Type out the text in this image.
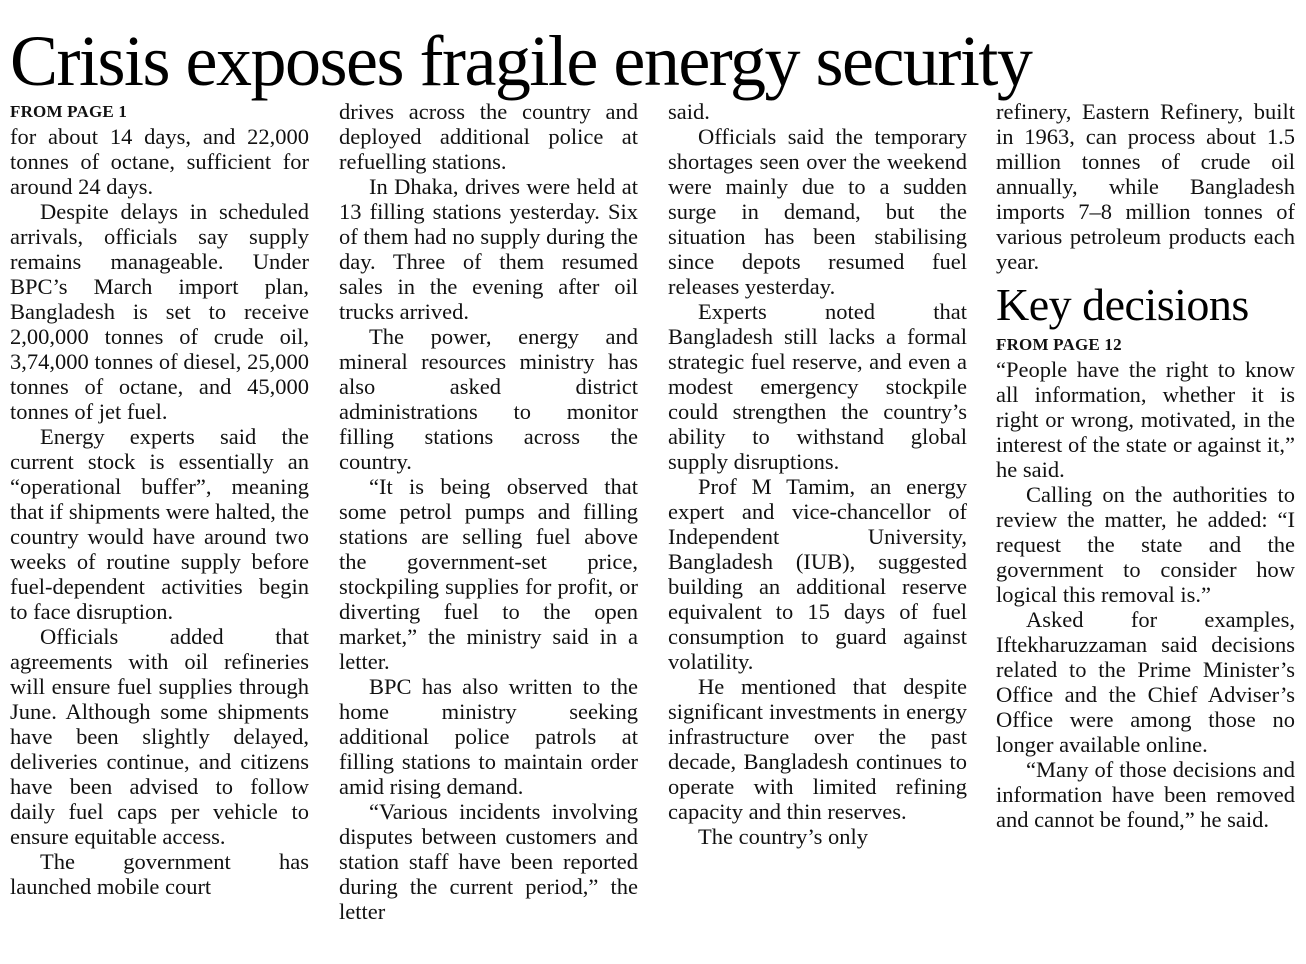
Crisis exposes fragile energy security
FROM PAGE 1

for about 14 days, and 22,000 tonnes of octane, sufficient for around 24 days.

Despite delays in scheduled arrivals, officials say supply remains manageable. Under BPC’s March import plan, Bangladesh is set to receive 2,00,000 tonnes of crude oil, 3,74,000 tonnes of diesel, 25,000 tonnes of octane, and 45,000 tonnes of jet fuel.

Energy experts said the current stock is essentially an “operational buffer”, meaning that if shipments were halted, the country would have around two weeks of routine supply before fuel-dependent activities begin to face disruption.

Officials added that agreements with oil refineries will ensure fuel supplies through June. Although some shipments have been slightly delayed, deliveries continue, and citizens have been advised to follow daily fuel caps per vehicle to ensure equitable access.

The government has launched mobile court

drives across the country and deployed additional police at refuelling stations.

In Dhaka, drives were held at 13 filling stations yesterday. Six of them had no supply during the day. Three of them resumed sales in the evening after oil trucks arrived.

The power, energy and mineral resources ministry has also asked district administrations to monitor filling stations across the country.

“It is being observed that some petrol pumps and filling stations are selling fuel above the government-set price, stockpiling supplies for profit, or diverting fuel to the open market,” the ministry said in a letter.

BPC has also written to the home ministry seeking additional police patrols at filling stations to maintain order amid rising demand.

“Various incidents involving disputes between customers and station staff have been reported during the current period,” the letter

said.

Officials said the temporary shortages seen over the weekend were mainly due to a sudden surge in demand, but the situation has been stabilising since depots resumed fuel releases yesterday.

Experts noted that Bangladesh still lacks a formal strategic fuel reserve, and even a modest emergency stockpile could strengthen the country’s ability to withstand global supply disruptions.

Prof M Tamim, an energy expert and vice-chancellor of Independent University, Bangladesh (IUB), suggested building an additional reserve equivalent to 15 days of fuel consumption to guard against volatility.

He mentioned that despite significant investments in energy infrastructure over the past decade, Bangladesh continues to operate with limited refining capacity and thin reserves.

The country’s only

refinery, Eastern Refinery, built in 1963, can process about 1.5 million tonnes of crude oil annually, while Bangladesh imports 7–8 million tonnes of various petroleum products each year.

Key decisions
FROM PAGE 12

“People have the right to know all information, whether it is right or wrong, motivated, in the interest of the state or against it,” he said.

Calling on the authorities to review the matter, he added: “I request the state and the government to consider how logical this removal is.”

Asked for examples, Iftekharuzzaman said decisions related to the Prime Minister’s Office and the Chief Adviser’s Office were among those no longer available online.

“Many of those decisions and information have been removed and cannot be found,” he said.
